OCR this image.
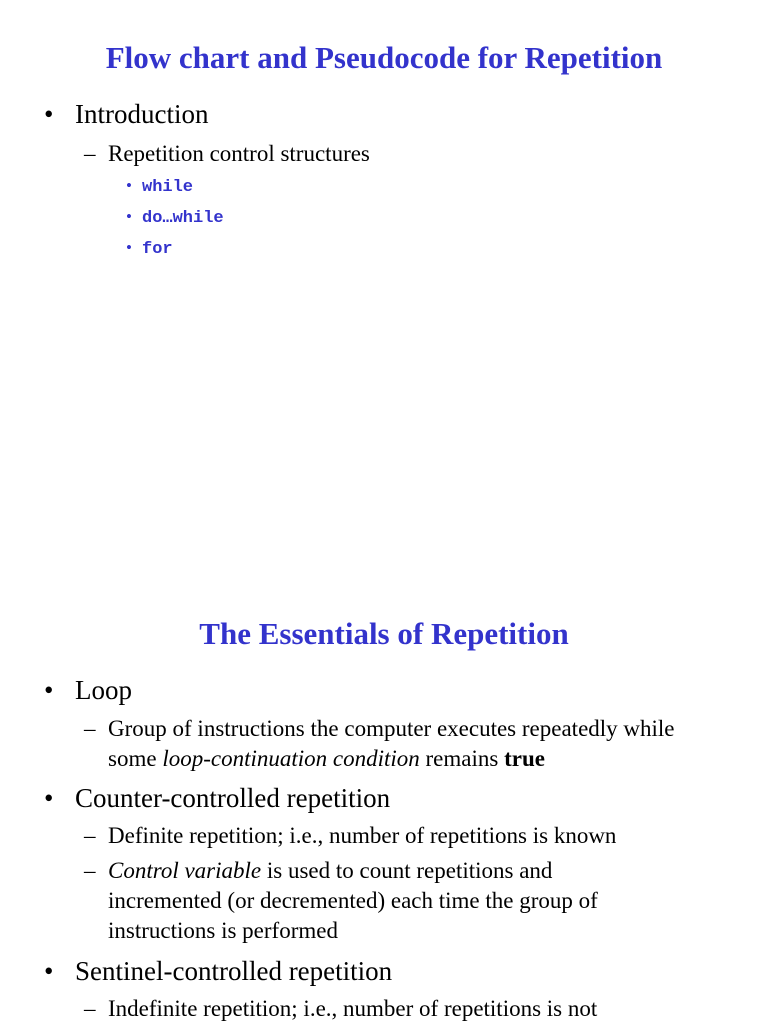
Flow chart and Pseudocode for Repetition
• Introduction
– Repetition control structures
• while
• do…while
• for
The Essentials of Repetition
• Loop
– Group of instructions the computer executes repeatedly while some loop-continuation condition remains true
• Counter-controlled repetition
– Definite repetition; i.e., number of repetitions is known
– Control variable is used to count repetitions and incremented (or decremented) each time the group of instructions is performed
• Sentinel-controlled repetition
– Indefinite repetition; i.e., number of repetitions is not
